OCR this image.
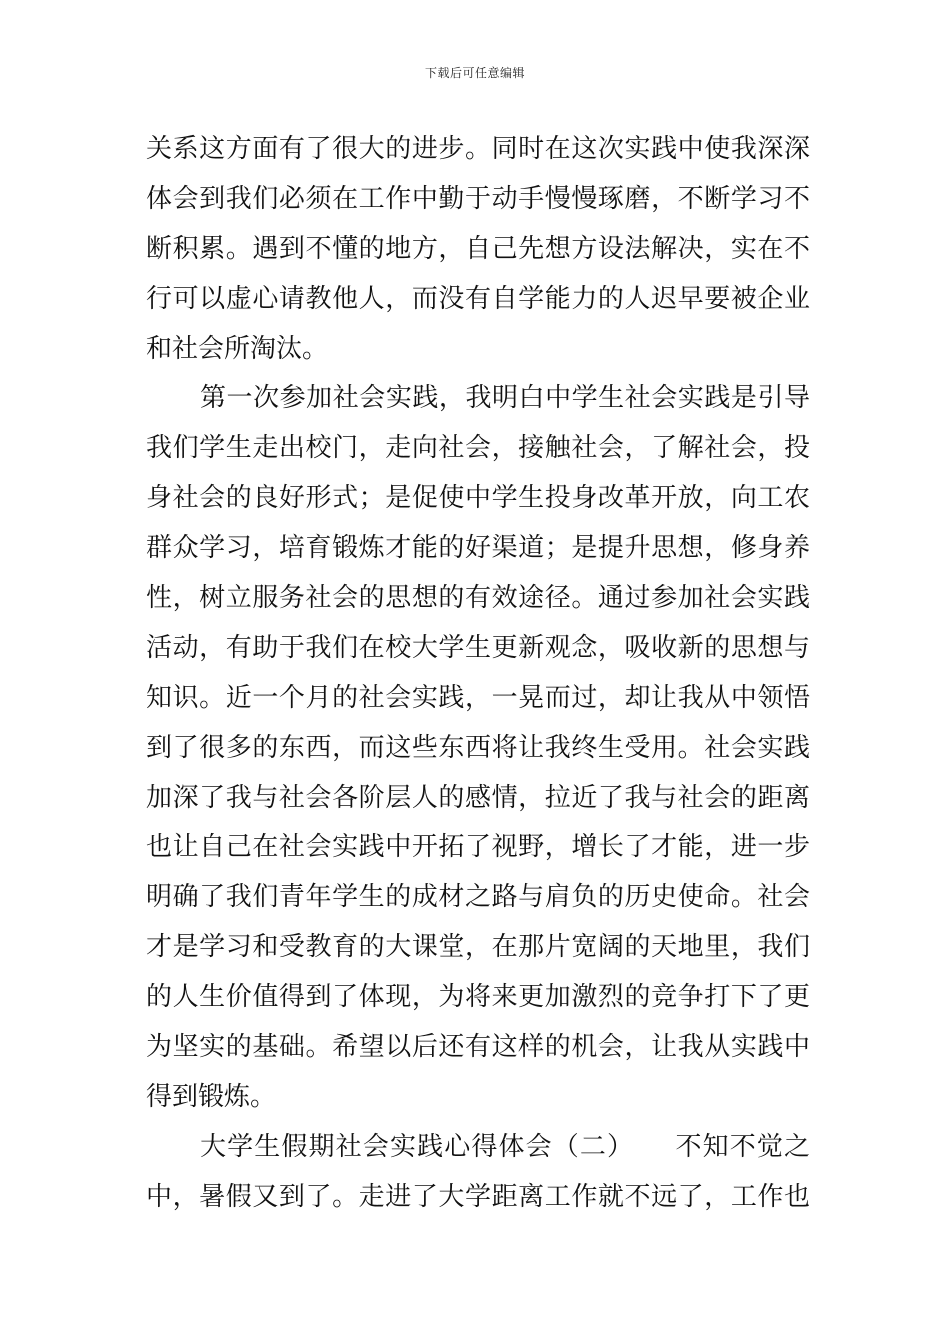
下载后可任意编辑
关系这方面有了很大的进步。同时在这次实践中使我深深
体会到我们必须在工作中勤于动手慢慢琢磨，不断学习不
断积累。遇到不懂的地方，自己先想方设法解决，实在不
行可以虚心请教他人，而没有自学能力的人迟早要被企业
和社会所淘汰。
第一次参加社会实践，我明白中学生社会实践是引导
我们学生走出校门，走向社会，接触社会，了解社会，投
身社会的良好形式；是促使中学生投身改革开放，向工农
群众学习，培育锻炼才能的好渠道；是提升思想，修身养
性，树立服务社会的思想的有效途径。通过参加社会实践
活动，有助于我们在校大学生更新观念，吸收新的思想与
知识。近一个月的社会实践，一晃而过，却让我从中领悟
到了很多的东西，而这些东西将让我终生受用。社会实践
加深了我与社会各阶层人的感情，拉近了我与社会的距离
也让自己在社会实践中开拓了视野，增长了才能，进一步
明确了我们青年学生的成材之路与肩负的历史使命。社会
才是学习和受教育的大课堂，在那片宽阔的天地里，我们
的人生价值得到了体现，为将来更加激烈的竞争打下了更
为坚实的基础。希望以后还有这样的机会，让我从实践中
得到锻炼。
大学生假期社会实践心得体会（二）　　不知不觉之
中，暑假又到了。走进了大学距离工作就不远了，工作也
